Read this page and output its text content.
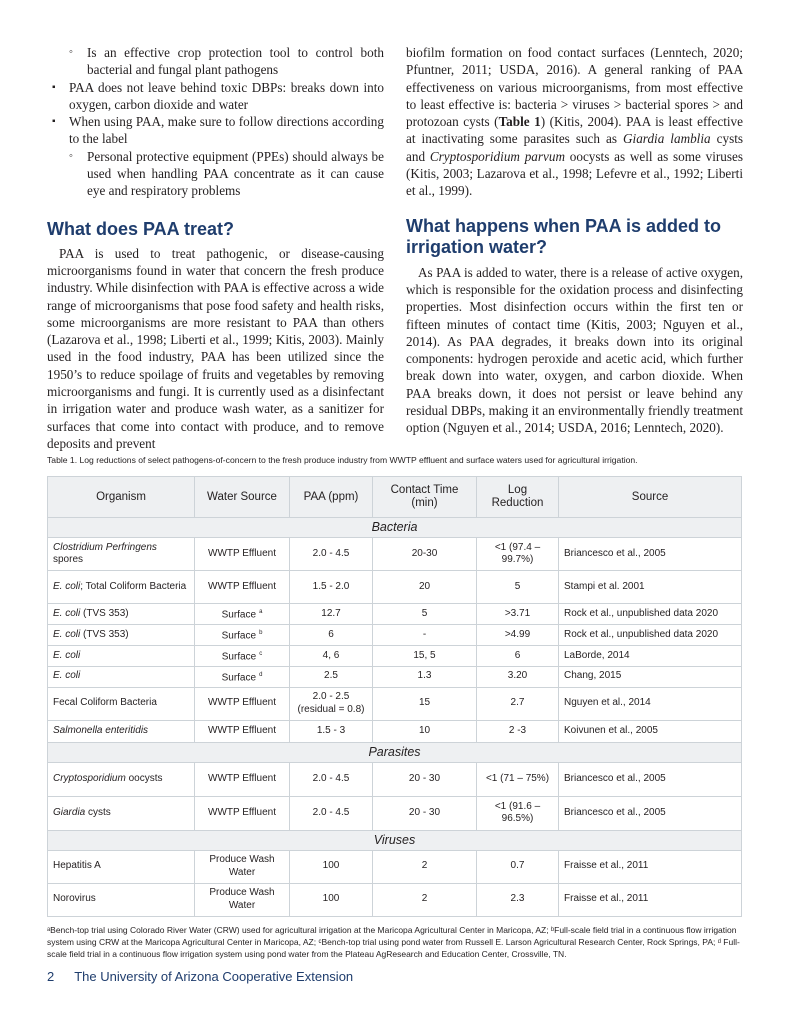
◦ Is an effective crop protection tool to control both bacterial and fungal plant pathogens
▪ PAA does not leave behind toxic DBPs: breaks down into oxygen, carbon dioxide and water
▪ When using PAA, make sure to follow directions according to the label
◦ Personal protective equipment (PPEs) should always be used when handling PAA concentrate as it can cause eye and respiratory problems
What does PAA treat?

PAA is used to treat pathogenic, or disease-causing microorganisms found in water that concern the fresh produce industry. While disinfection with PAA is effective across a wide range of microorganisms that pose food safety and health risks, some microorganisms are more resistant to PAA than others (Lazarova et al., 1998; Liberti et al., 1999; Kitis, 2003). Mainly used in the food industry, PAA has been utilized since the 1950’s to reduce spoilage of fruits and vegetables by removing microorganisms and fungi. It is currently used as a disinfectant in irrigation water and produce wash water, as a sanitizer for surfaces that come into contact with produce, and to remove deposits and prevent

biofilm formation on food contact surfaces (Lenntech, 2020; Pfuntner, 2011; USDA, 2016). A general ranking of PAA effectiveness on various microorganisms, from most effective to least effective is: bacteria > viruses > bacterial spores > and protozoan cysts (Table 1) (Kitis, 2004). PAA is least effective at inactivating some parasites such as Giardia lamblia cysts and Cryptosporidium parvum oocysts as well as some viruses (Kitis, 2003; Lazarova et al., 1998; Lefevre et al., 1992; Liberti et al., 1999).

What happens when PAA is added to irrigation water?

As PAA is added to water, there is a release of active oxygen, which is responsible for the oxidation process and disinfecting properties. Most disinfection occurs within the first ten or fifteen minutes of contact time (Kitis, 2003; Nguyen et al., 2014). As PAA degrades, it breaks down into its original components: hydrogen peroxide and acetic acid, which further break down into water, oxygen, and carbon dioxide. When PAA breaks down, it does not persist or leave behind any residual DBPs, making it an environmentally friendly treatment option (Nguyen et al., 2014; USDA, 2016; Lenntech, 2020).

Table 1. Log reductions of select pathogens-of-concern to the fresh produce industry from WWTP effluent and surface waters used for agricultural irrigation.
Organism	Water Source	PAA (ppm)	Contact Time (min)	Log Reduction	Source
Bacteria					
Clostridium Perfringens spores	WWTP Effluent	2.0 - 4.5	20-30	<1 (97.4 – 99.7%)	Briancesco et al., 2005
E. coli; Total Coliform Bacteria	WWTP Effluent	1.5 - 2.0	20	5	Stampi et al. 2001
E. coli (TVS 353)	Surface $^a$	12.7	5	>3.71	Rock et al., unpublished data 2020
E. coli (TVS 353)	Surface $^b$	6	-	>4.99	Rock et al., unpublished data 2020
E. coli	Surface $^c$	4, 6	15, 5	6	LaBorde, 2014
E. coli	Surface $^d$	2.5	1.3	3.20	Chang, 2015
Fecal Coliform Bacteria	WWTP Effluent	2.0 - 2.5 (residual = 0.8)	15	2.7	Nguyen et al., 2014
Salmonella enteritidis	WWTP Effluent	1.5 - 3	10	2 -3	Koivunen et al., 2005
Parasites					
Cryptosporidium oocysts	WWTP Effluent	2.0 - 4.5	20 - 30	<1 (71 – 75%)	Briancesco et al., 2005
Giardia cysts	WWTP Effluent	2.0 - 4.5	20 - 30	<1 (91.6 – 96.5%)	Briancesco et al., 2005
Viruses					
Hepatitis A	Produce Wash Water	100	2	0.7	Fraisse et al., 2011
Norovirus	Produce Wash Water	100	2	2.3	Fraisse et al., 2011
ᵃBench-top trial using Colorado River Water (CRW) used for agricultural irrigation at the Maricopa Agricultural Center in Maricopa, AZ; ᵇFull-scale field trial in a continuous flow irrigation system using CRW at the Maricopa Agricultural Center in Maricopa, AZ; ᶜBench-top trial using pond water from Russell E. Larson Agricultural Research Center, Rock Springs, PA; ᵈ Full-scale field trial in a continuous flow irrigation system using pond water from the Plateau AgResearch and Education Center, Crossville, TN.
2 The University of Arizona Cooperative Extension
